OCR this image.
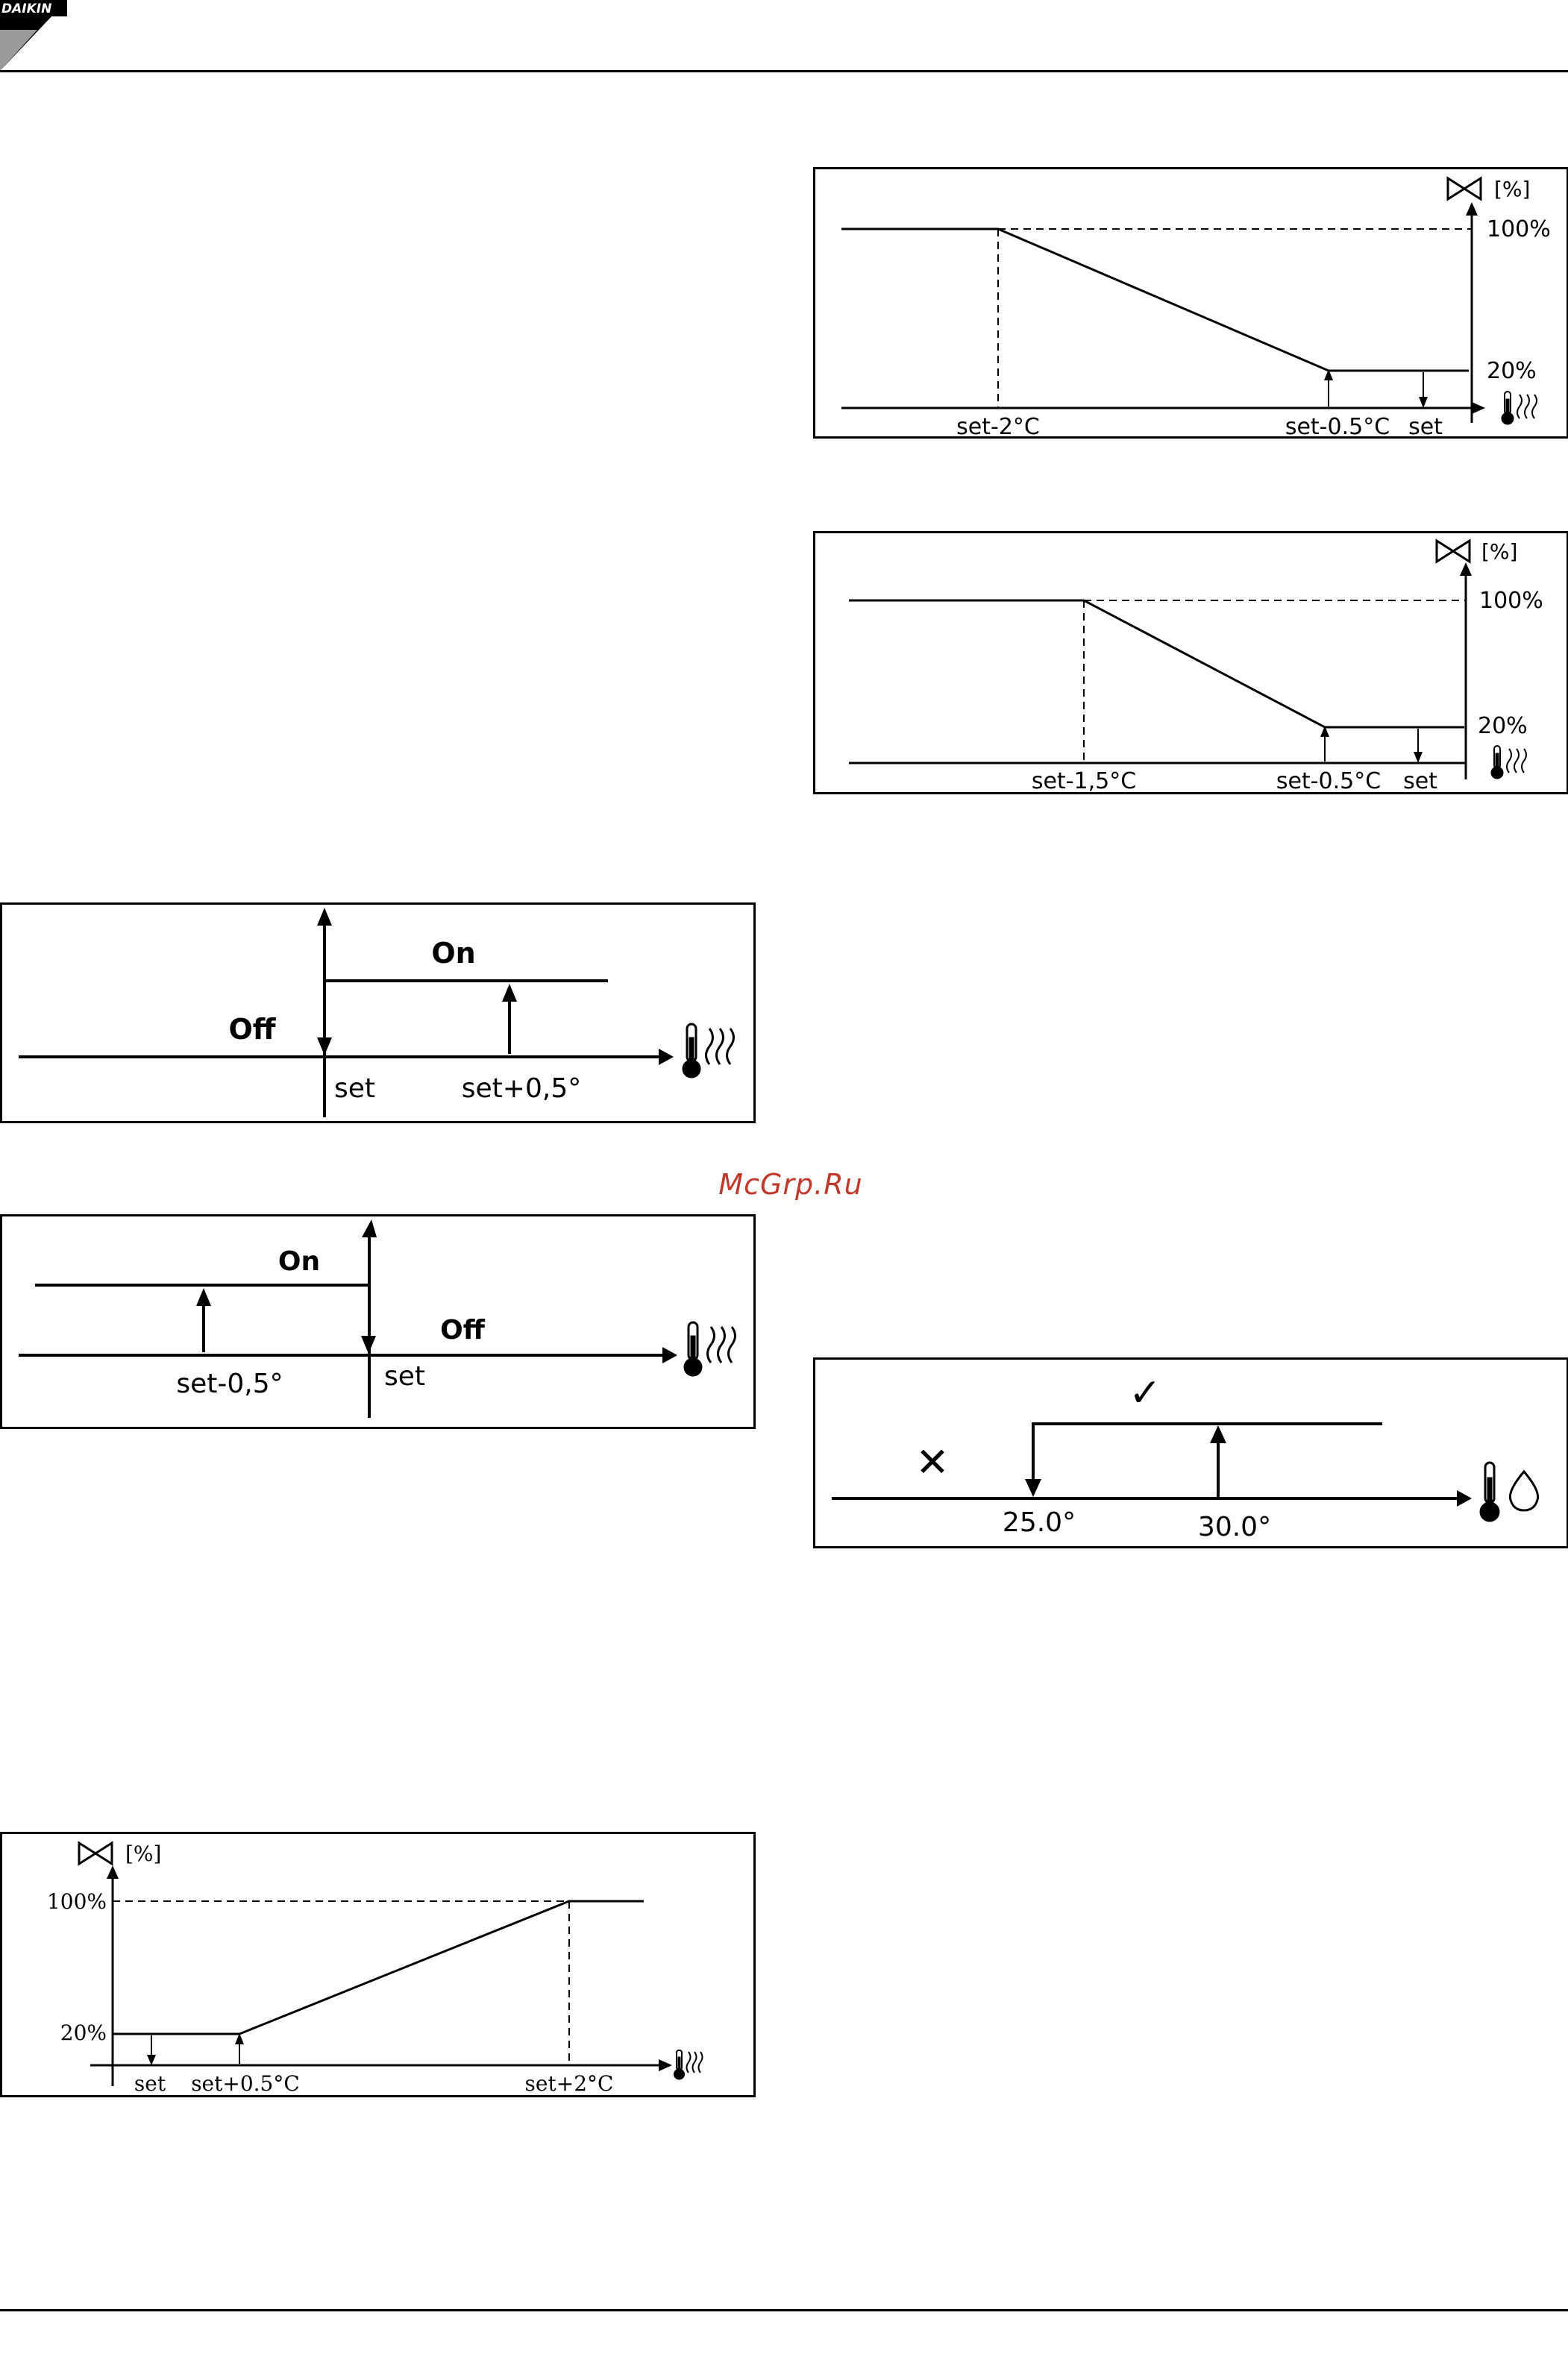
DAIKIN
[%]
100%
20%
set-2°C	set-0.5°C set
[%]
100%
20%
set-1,5°C	set-0.5°C set
On
Off
set	set+0,5°
McGrp.Ru
On
Off
set-0,5°	set	✓
✕
25.0°	30.0°
[%]
100%
20%
set set+0.5°C	set+2°C
